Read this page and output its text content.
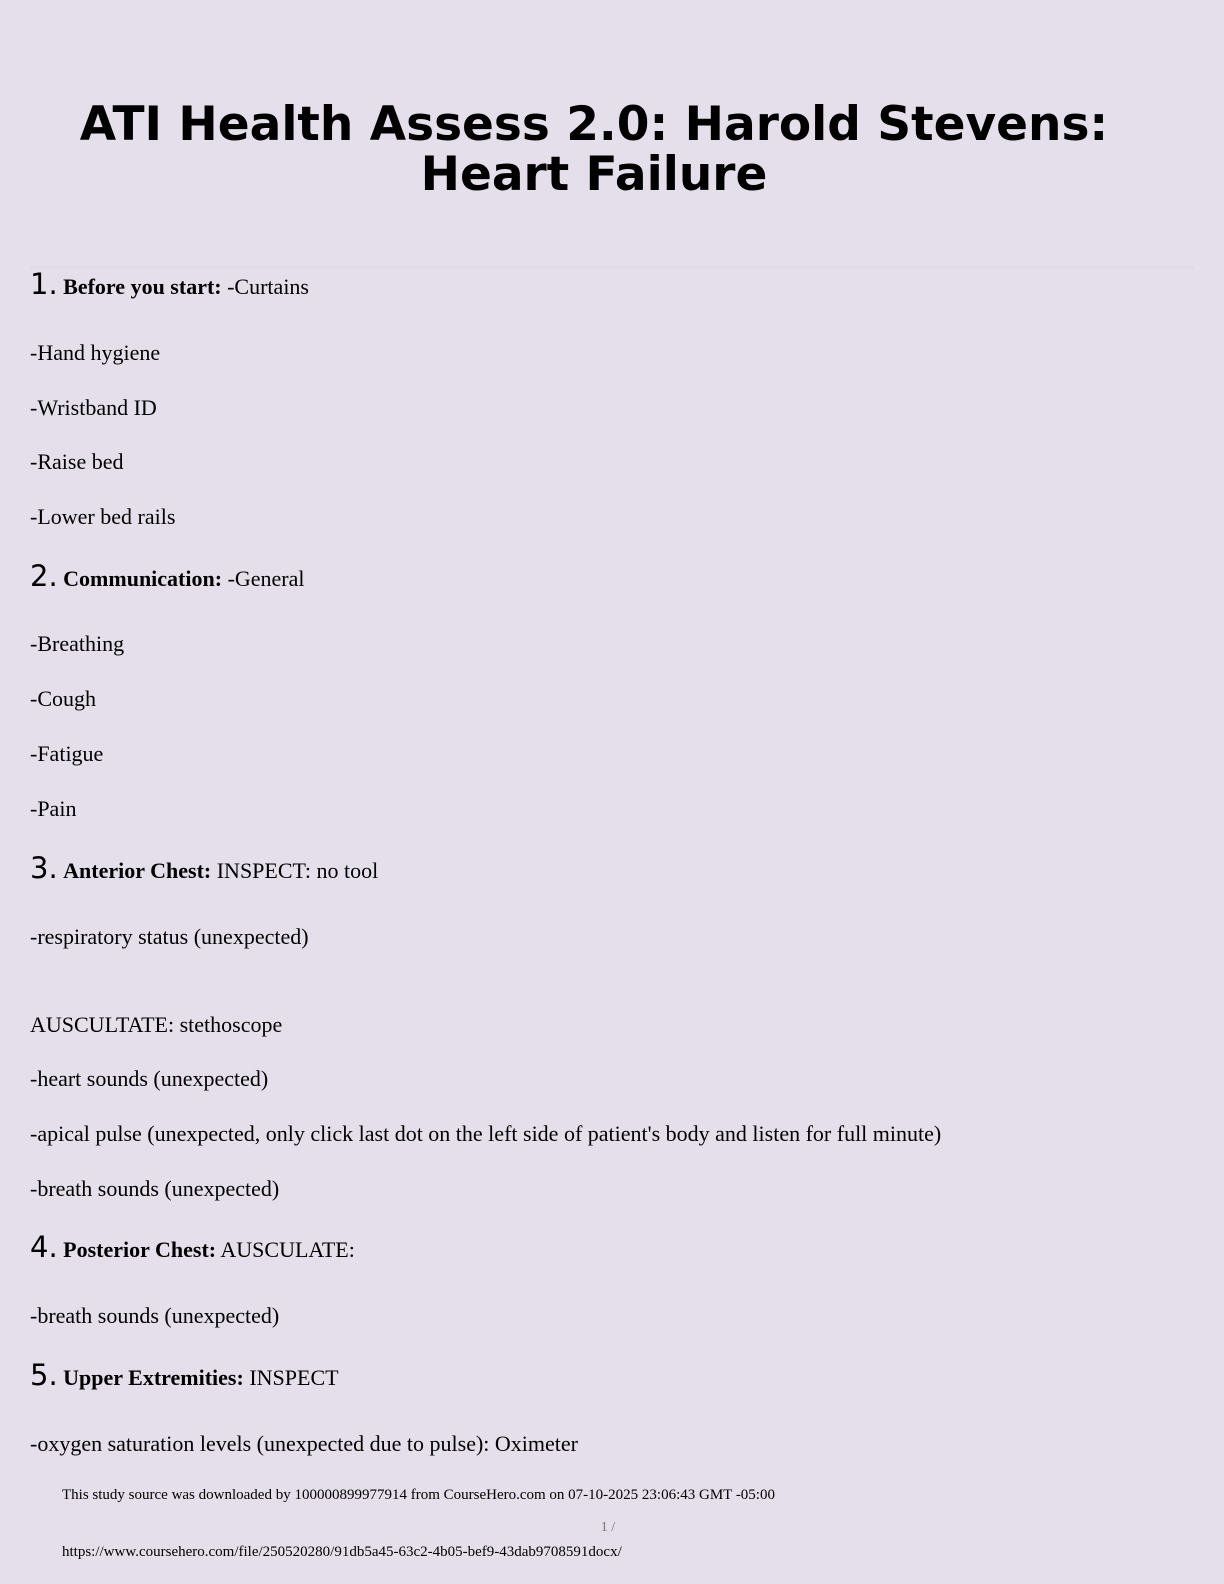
ATI Health Assess 2.0: Harold Stevens: Heart Failure
1. Before you start: -Curtains
-Hand hygiene
-Wristband ID
-Raise bed
-Lower bed rails
2. Communication: -General
-Breathing
-Cough
-Fatigue
-Pain
3. Anterior Chest: INSPECT: no tool
-respiratory status (unexpected)
AUSCULTATE: stethoscope
-heart sounds (unexpected)
-apical pulse (unexpected, only click last dot on the left side of patient's body and listen for full minute)
-breath sounds (unexpected)
4. Posterior Chest: AUSCULATE:
-breath sounds (unexpected)
5. Upper Extremities: INSPECT
-oxygen saturation levels (unexpected due to pulse): Oximeter
This study source was downloaded by 100000899977914 from CourseHero.com on 07-10-2025 23:06:43 GMT -05:00
1 /
https://www.coursehero.com/file/250520280/91db5a45-63c2-4b05-bef9-43dab9708591docx/
